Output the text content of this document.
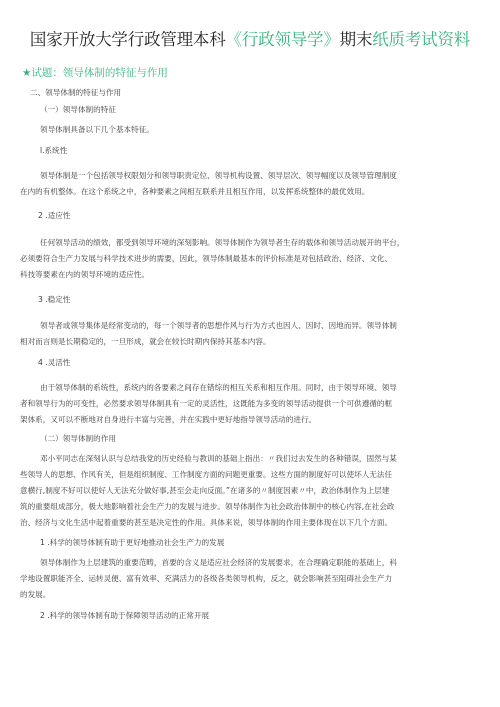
国家开放大学行政管理本科《行政领导学》期末纸质考试资料
★试题：领导体制的特征与作用
二、领导体制的特征与作用
（一）领导体制的特征
领导体制具备以下几个基本特征。
l.系统性
领导体制是一个包括领导权限划分和领导职责定位、领导机构设置、领导层次、领导幅度以及领导管理制度
在内的有机整体。在这个系统之中，各种要素之间相互联系并且相互作用，以发挥系统整体的最优效用。
2 .适应性
任何领导活动的绩效，都受到领导环境的深刻影响。领导体制作为领导者生存的载体和领导活动展开的平台，
必须要符合生产力发展与科学技术进步的需要，因此，领导体制最基本的评价标准是对包括政治、经济、文化、
科技等要素在内的领导环境的适应性。
3 .稳定性
领导者或领导集体是经常变动的，每一个领导者的思想作风与行为方式也因人、因时、因地而异。领导体制
相对而言则是长期稳定的，一旦形成，就会在较长时期内保持其基本内容。
4 .灵活性
由于领导体制的系统性，系统内的各要素之间存在错综的相互关系和相互作用。同时，由于领导环境、领导
者和领导行为的可变性，必然要求领导体制具有一定的灵活性，这既能为多变的领导活动提供一个可供遵循的框
架体系，又可以不断地对自身进行丰富与完善，并在实践中更好地指导领导活动的进行。
（二）领导体制的作用
邓小平同志在深刻认识与总结我党的历史经验与教训的基础上指出：〃我们过去发生的各种错误，固然与某
些领导人的思想、作风有关，但是组织制度、工作制度方面的问题更重要。这些方面的制度好可以使坏人无法任
意横行,制度不好可以使好人无法充分做好事,甚至会走向反面。”在诸多的〃制度因素〃中，政治体制作为上层建
筑的重要组成部分，极大地影响着社会生产力的发展与进步。领导体制作为社会政治体制中的核心内容,在社会政
治、经济与文化生活中起着重要的甚至是决定性的作用。具体来说，领导体制的作用主要体现在以下几个方面。
1 .科学的领导体制有助于更好地推动社会生产力的发展
领导体制作为上层建筑的重要范畴，首要的含义是适应社会经济的发展要求，在合理确定职能的基础上，科
学地设置职能齐全、运转灵便、富有效率、充满活力的各级各类领导机构，反之，就会影响甚至阻碍社会生产力
的发展。
2 .科学的领导体制有助于保障领导活动的正常开展
